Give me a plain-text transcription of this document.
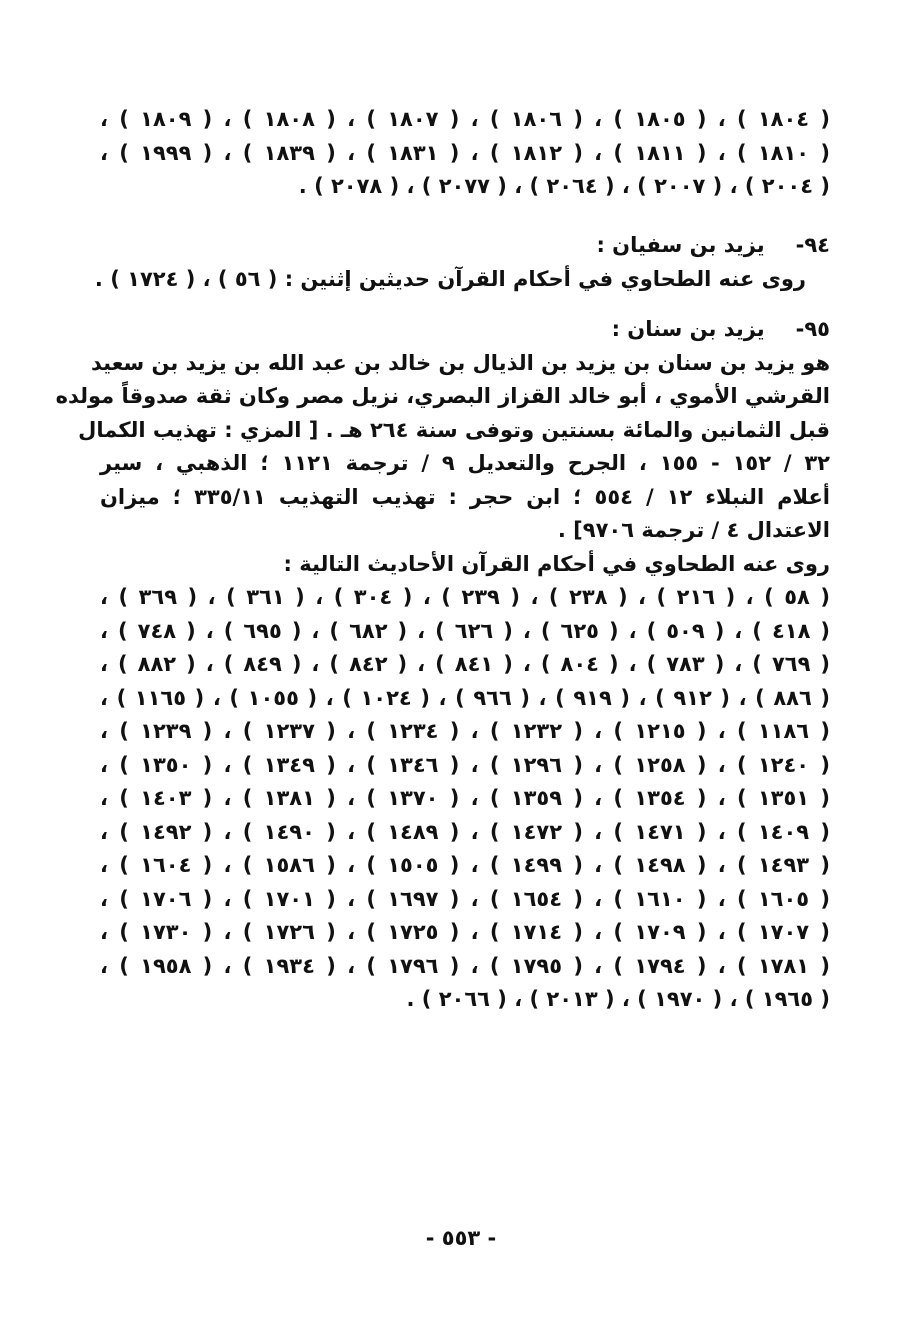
( ١٨٠٤ ) ، ( ١٨٠٥ ) ، ( ١٨٠٦ ) ، ( ١٨٠٧ ) ، ( ١٨٠٨ ) ، ( ١٨٠٩ ) ،
( ١٨١٠ ) ، ( ١٨١١ ) ، ( ١٨١٢ ) ، ( ١٨٣١ ) ، ( ١٨٣٩ ) ، ( ١٩٩٩ ) ،
( ٢٠٠٤ ) ، ( ٢٠٠٧ ) ، ( ٢٠٦٤ ) ، ( ٢٠٧٧ ) ، ( ٢٠٧٨ ) .
٩٤- يزيد بن سفيان :
روى عنه الطحاوي في أحكام القرآن حديثين إثنين : ( ٥٦ ) ، ( ١٧٢٤ ) .
٩٥- يزيد بن سنان :
هو يزيد بن سنان بن يزيد بن الذيال بن خالد بن عبد الله بن يزيد بن سعيد
القرشي الأموي ، أبو خالد القزاز البصري، نزيل مصر وكان ثقة صدوقاً مولده
قبل الثمانين والمائة بسنتين وتوفى سنة ٢٦٤ هـ . [ المزي : تهذيب الكمال
٣٢ / ١٥٢ - ١٥٥ ، الجرح والتعديل ٩ / ترجمة ١١٢١ ؛ الذهبي ، سير
أعلام النبلاء ١٢ / ٥٥٤ ؛ ابن حجر : تهذيب التهذيب ٣٣٥/١١ ؛ ميزان
الاعتدال ٤ / ترجمة ٩٧٠٦] .
روى عنه الطحاوي في أحكام القرآن الأحاديث التالية :
( ٥٨ ) ، ( ٢١٦ ) ، ( ٢٣٨ ) ، ( ٢٣٩ ) ، ( ٣٠٤ ) ، ( ٣٦١ ) ، ( ٣٦٩ ) ،
( ٤١٨ ) ، ( ٥٠٩ ) ، ( ٦٢٥ ) ، ( ٦٢٦ ) ، ( ٦٨٢ ) ، ( ٦٩٥ ) ، ( ٧٤٨ ) ،
( ٧٦٩ ) ، ( ٧٨٣ ) ، ( ٨٠٤ ) ، ( ٨٤١ ) ، ( ٨٤٢ ) ، ( ٨٤٩ ) ، ( ٨٨٢ ) ،
( ٨٨٦ ) ، ( ٩١٢ ) ، ( ٩١٩ ) ، ( ٩٦٦ ) ، ( ١٠٢٤ ) ، ( ١٠٥٥ ) ، ( ١١٦٥ ) ،
( ١١٨٦ ) ، ( ١٢١٥ ) ، ( ١٢٣٢ ) ، ( ١٢٣٤ ) ، ( ١٢٣٧ ) ، ( ١٢٣٩ ) ،
( ١٢٤٠ ) ، ( ١٢٥٨ ) ، ( ١٢٩٦ ) ، ( ١٣٤٦ ) ، ( ١٣٤٩ ) ، ( ١٣٥٠ ) ،
( ١٣٥١ ) ، ( ١٣٥٤ ) ، ( ١٣٥٩ ) ، ( ١٣٧٠ ) ، ( ١٣٨١ ) ، ( ١٤٠٣ ) ،
( ١٤٠٩ ) ، ( ١٤٧١ ) ، ( ١٤٧٢ ) ، ( ١٤٨٩ ) ، ( ١٤٩٠ ) ، ( ١٤٩٢ ) ،
( ١٤٩٣ ) ، ( ١٤٩٨ ) ، ( ١٤٩٩ ) ، ( ١٥٠٥ ) ، ( ١٥٨٦ ) ، ( ١٦٠٤ ) ،
( ١٦٠٥ ) ، ( ١٦١٠ ) ، ( ١٦٥٤ ) ، ( ١٦٩٧ ) ، ( ١٧٠١ ) ، ( ١٧٠٦ ) ،
( ١٧٠٧ ) ، ( ١٧٠٩ ) ، ( ١٧١٤ ) ، ( ١٧٢٥ ) ، ( ١٧٢٦ ) ، ( ١٧٣٠ ) ،
( ١٧٨١ ) ، ( ١٧٩٤ ) ، ( ١٧٩٥ ) ، ( ١٧٩٦ ) ، ( ١٩٣٤ ) ، ( ١٩٥٨ ) ،
( ١٩٦٥ ) ، ( ١٩٧٠ ) ، ( ٢٠١٣ ) ، ( ٢٠٦٦ ) .
- ٥٥٣ -
